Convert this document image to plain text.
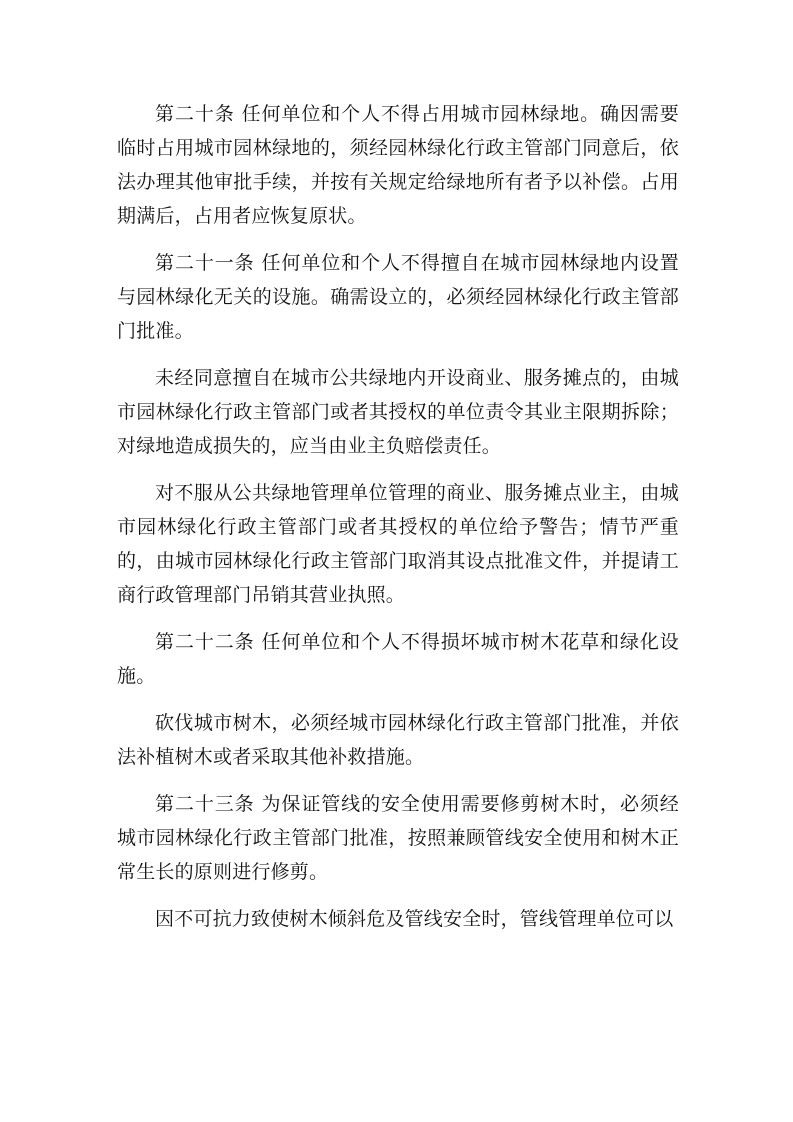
第二十条 任何单位和个人不得占用城市园林绿地。确因需要临时占用城市园林绿地的，须经园林绿化行政主管部门同意后，依法办理其他审批手续，并按有关规定给绿地所有者予以补偿。占用期满后，占用者应恢复原状。

第二十一条 任何单位和个人不得擅自在城市园林绿地内设置与园林绿化无关的设施。确需设立的，必须经园林绿化行政主管部门批准。

未经同意擅自在城市公共绿地内开设商业、服务摊点的，由城市园林绿化行政主管部门或者其授权的单位责令其业主限期拆除；对绿地造成损失的，应当由业主负赔偿责任。

对不服从公共绿地管理单位管理的商业、服务摊点业主，由城市园林绿化行政主管部门或者其授权的单位给予警告；情节严重的，由城市园林绿化行政主管部门取消其设点批准文件，并提请工商行政管理部门吊销其营业执照。

第二十二条 任何单位和个人不得损坏城市树木花草和绿化设施。

砍伐城市树木，必须经城市园林绿化行政主管部门批准，并依法补植树木或者采取其他补救措施。

第二十三条 为保证管线的安全使用需要修剪树木时，必须经城市园林绿化行政主管部门批准，按照兼顾管线安全使用和树木正常生长的原则进行修剪。

因不可抗力致使树木倾斜危及管线安全时，管线管理单位可以
